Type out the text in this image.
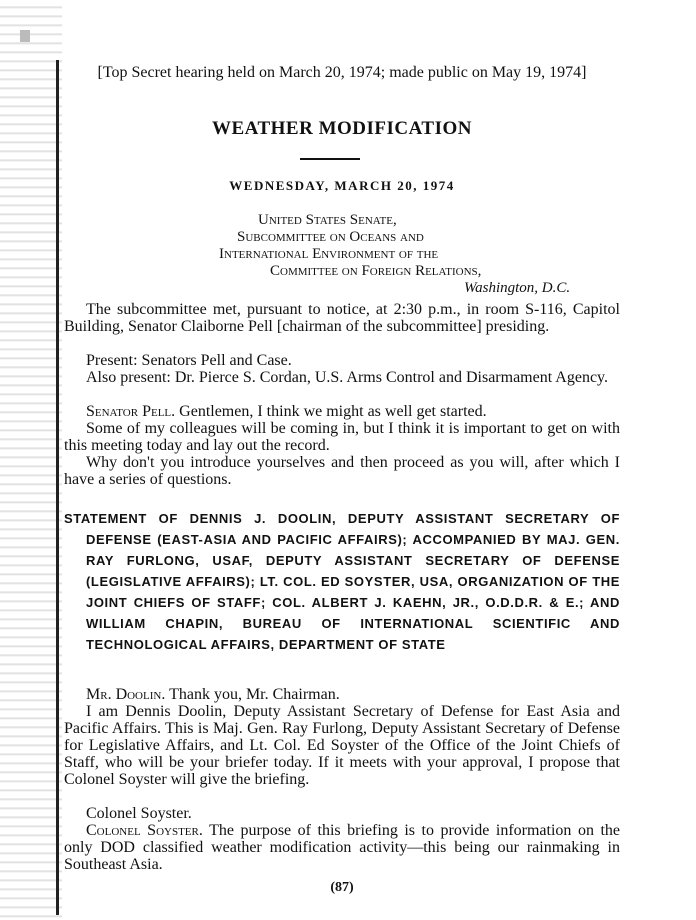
[Top Secret hearing held on March 20, 1974; made public on May 19, 1974]
WEATHER MODIFICATION
WEDNESDAY, MARCH 20, 1974
United States Senate,
Subcommittee on Oceans and
International Environment of the
Committee on Foreign Relations,
Washington, D.C.
The subcommittee met, pursuant to notice, at 2:30 p.m., in room S-116, Capitol Building, Senator Claiborne Pell [chairman of the subcommittee] presiding.
Present: Senators Pell and Case.
Also present: Dr. Pierce S. Cordan, U.S. Arms Control and Disarmament Agency.
Senator Pell. Gentlemen, I think we might as well get started.
Some of my colleagues will be coming in, but I think it is important to get on with this meeting today and lay out the record.
Why don't you introduce yourselves and then proceed as you will, after which I have a series of questions.
STATEMENT OF DENNIS J. DOOLIN, DEPUTY ASSISTANT SECRETARY OF DEFENSE (EAST-ASIA AND PACIFIC AFFAIRS); ACCOMPANIED BY MAJ. GEN. RAY FURLONG, USAF, DEPUTY ASSISTANT SECRETARY OF DEFENSE (LEGISLATIVE AFFAIRS); LT. COL. ED SOYSTER, USA, ORGANIZATION OF THE JOINT CHIEFS OF STAFF; COL. ALBERT J. KAEHN, JR., O.D.D.R. & E.; AND WILLIAM CHAPIN, BUREAU OF INTERNATIONAL SCIENTIFIC AND TECHNOLOGICAL AFFAIRS, DEPARTMENT OF STATE
Mr. Doolin. Thank you, Mr. Chairman.
I am Dennis Doolin, Deputy Assistant Secretary of Defense for East Asia and Pacific Affairs. This is Maj. Gen. Ray Furlong, Deputy Assistant Secretary of Defense for Legislative Affairs, and Lt. Col. Ed Soyster of the Office of the Joint Chiefs of Staff, who will be your briefer today. If it meets with your approval, I propose that Colonel Soyster will give the briefing.
Colonel Soyster.
Colonel Soyster. The purpose of this briefing is to provide information on the only DOD classified weather modification activity—this being our rainmaking in Southeast Asia.
(87)
